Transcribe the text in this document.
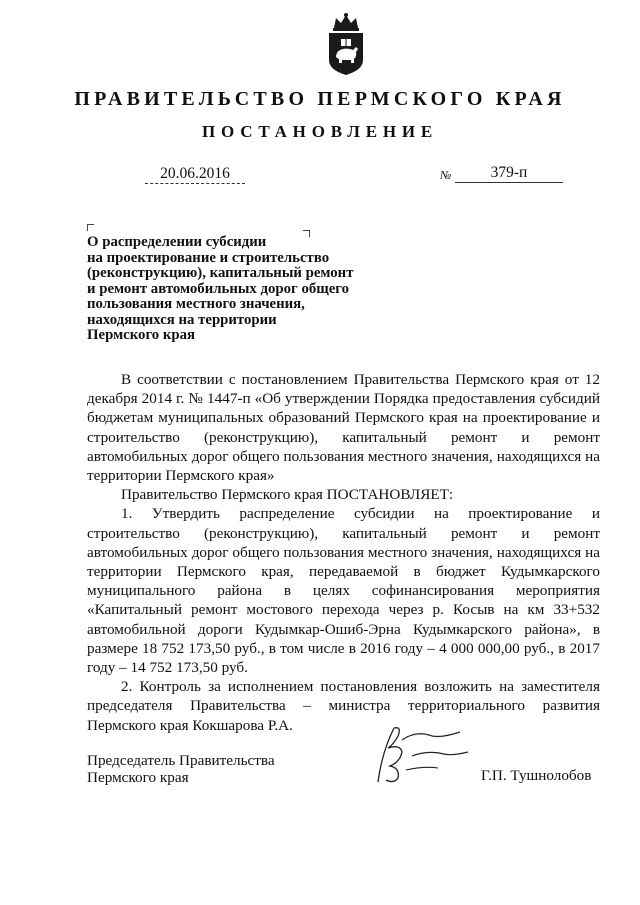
ПРАВИТЕЛЬСТВО ПЕРМСКОГО КРАЯ
ПОСТАНОВЛЕНИЕ
20.06.2016	№	379-п
О распределении субсидии
на проектирование и строительство
(реконструкцию), капитальный ремонт
и ремонт автомобильных дорог общего
пользования местного значения,
находящихся на территории
Пермского края

В соответствии с постановлением Правительства Пермского края от 12 декабря 2014 г. № 1447-п «Об утверждении Порядка предоставления субсидий бюджетам муниципальных образований Пермского края на проектирование и строительство (реконструкцию), капитальный ремонт и ремонт автомобильных дорог общего пользования местного значения, находящихся на территории Пермского края»

Правительство Пермского края ПОСТАНОВЛЯЕТ:

1. Утвердить распределение субсидии на проектирование и строительство (реконструкцию), капитальный ремонт и ремонт автомобильных дорог общего пользования местного значения, находящихся на территории Пермского края, передаваемой в бюджет Кудымкарского муниципального района в целях софинансирования мероприятия «Капитальный ремонт мостового перехода через р. Косыв на км 33+532 автомобильной дороги Кудымкар-Ошиб-Эрна Кудымкарского района», в размере 18 752 173,50 руб., в том числе в 2016 году – 4 000 000,00 руб., в 2017 году – 14 752 173,50 руб.

2. Контроль за исполнением постановления возложить на заместителя председателя Правительства – министра территориального развития Пермского края Кокшарова Р.А.

Председатель Правительства
Пермского края	Г.П. Тушнолобов
